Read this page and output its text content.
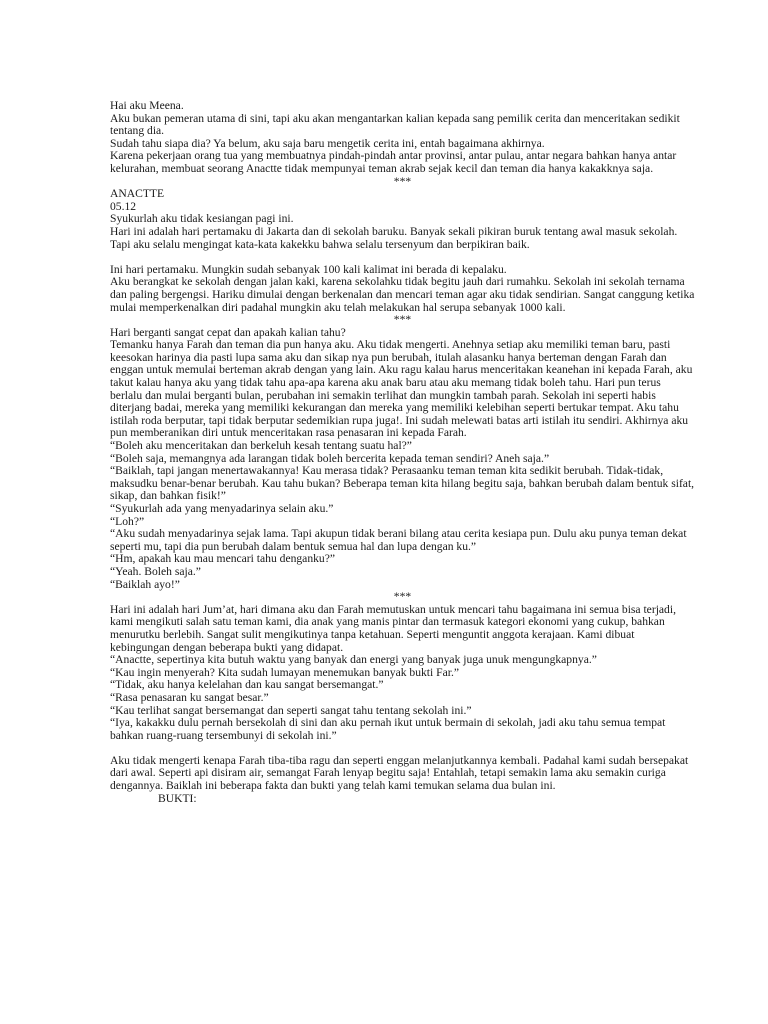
Hai aku Meena.

Aku bukan pemeran utama di sini, tapi aku akan mengantarkan kalian kepada sang pemilik cerita dan menceritakan sedikit tentang dia.

Sudah tahu siapa dia? Ya belum, aku saja baru mengetik cerita ini, entah bagaimana akhirnya.

Karena pekerjaan orang tua yang membuatnya pindah-pindah antar provinsi, antar pulau, antar negara bahkan hanya antar kelurahan, membuat seorang Anactte tidak mempunyai teman akrab sejak kecil dan teman dia hanya kakakknya saja.

***

ANACTTE

05.12

Syukurlah aku tidak kesiangan pagi ini.

Hari ini adalah hari pertamaku di Jakarta dan di sekolah baruku. Banyak sekali pikiran buruk tentang awal masuk sekolah. Tapi aku selalu mengingat kata-kata kakekku bahwa selalu tersenyum dan berpikiran baik.

Ini hari pertamaku. Mungkin sudah sebanyak 100 kali kalimat ini berada di kepalaku.

Aku berangkat ke sekolah dengan jalan kaki, karena sekolahku tidak begitu jauh dari rumahku. Sekolah ini sekolah ternama dan paling bergengsi. Hariku dimulai dengan berkenalan dan mencari teman agar aku tidak sendirian. Sangat canggung ketika mulai memperkenalkan diri padahal mungkin aku telah melakukan hal serupa sebanyak 1000 kali.

***

Hari berganti sangat cepat dan apakah kalian tahu?

Temanku hanya Farah dan teman dia pun hanya aku. Aku tidak mengerti. Anehnya setiap aku memiliki teman baru, pasti keesokan harinya dia pasti lupa sama aku dan sikap nya pun berubah, itulah alasanku hanya berteman dengan Farah dan enggan untuk memulai berteman akrab dengan yang lain. Aku ragu kalau harus menceritakan keanehan ini kepada Farah, aku takut kalau hanya aku yang tidak tahu apa-apa karena aku anak baru atau aku memang tidak boleh tahu. Hari pun terus berlalu dan mulai berganti bulan, perubahan ini semakin terlihat dan mungkin tambah parah. Sekolah ini seperti habis diterjang badai, mereka yang memiliki kekurangan dan mereka yang memiliki kelebihan seperti bertukar tempat. Aku tahu istilah roda berputar, tapi tidak berputar sedemikian rupa juga!. Ini sudah melewati batas arti istilah itu sendiri. Akhirnya aku pun memberanikan diri untuk menceritakan rasa penasaran ini kepada Farah.

“Boleh aku menceritakan dan berkeluh kesah tentang suatu hal?”

“Boleh saja, memangnya ada larangan tidak boleh bercerita kepada teman sendiri? Aneh saja.”

“Baiklah, tapi jangan menertawakannya! Kau merasa tidak? Perasaanku teman teman kita sedikit berubah. Tidak-tidak, maksudku benar-benar berubah. Kau tahu bukan? Beberapa teman kita hilang begitu saja, bahkan berubah dalam bentuk sifat, sikap, dan bahkan fisik!”

“Syukurlah ada yang menyadarinya selain aku.”

“Loh?”

“Aku sudah menyadarinya sejak lama. Tapi akupun tidak berani bilang atau cerita kesiapa pun. Dulu aku punya teman dekat seperti mu, tapi dia pun berubah dalam bentuk semua hal dan lupa dengan ku.”

“Hm, apakah kau mau mencari tahu denganku?”

“Yeah. Boleh saja.”

“Baiklah ayo!”

***

Hari ini adalah hari Jum’at, hari dimana aku dan Farah memutuskan untuk mencari tahu bagaimana ini semua bisa terjadi, kami mengikuti salah satu teman kami, dia anak yang manis pintar dan termasuk kategori ekonomi yang cukup, bahkan menurutku berlebih. Sangat sulit mengikutinya tanpa ketahuan. Seperti menguntit anggota kerajaan. Kami dibuat kebingungan dengan beberapa bukti yang didapat.

“Anactte, sepertinya kita butuh waktu yang banyak dan energi yang banyak juga unuk mengungkapnya.”

“Kau ingin menyerah? Kita sudah lumayan menemukan banyak bukti Far.”

“Tidak, aku hanya kelelahan dan kau sangat bersemangat.”

“Rasa penasaran ku sangat besar.”

“Kau terlihat sangat bersemangat dan seperti sangat tahu tentang sekolah ini.”

“Iya, kakakku dulu pernah bersekolah di sini dan aku pernah ikut untuk bermain di sekolah, jadi aku tahu semua tempat bahkan ruang-ruang tersembunyi di sekolah ini.”

Aku tidak mengerti kenapa Farah tiba-tiba ragu dan seperti enggan melanjutkannya kembali. Padahal kami sudah bersepakat dari awal. Seperti api disiram air, semangat Farah lenyap begitu saja! Entahlah, tetapi semakin lama aku semakin curiga dengannya. Baiklah ini beberapa fakta dan bukti yang telah kami temukan selama dua bulan ini.

BUKTI:
